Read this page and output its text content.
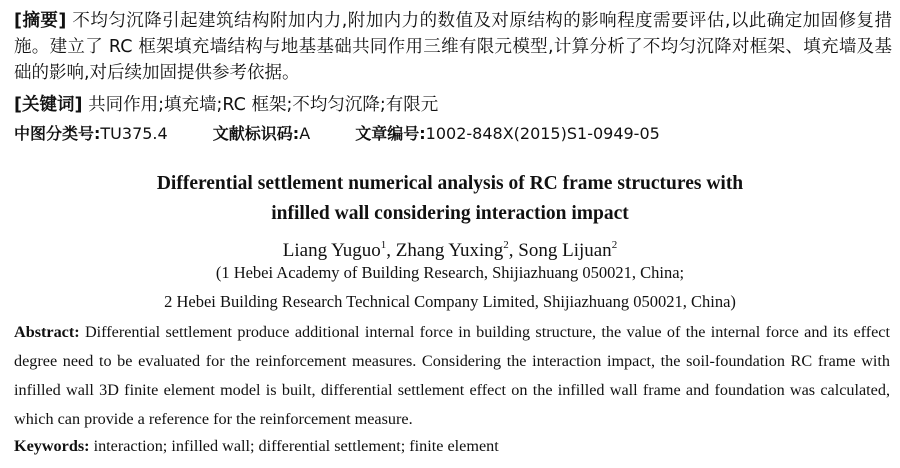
[摘要] 不均匀沉降引起建筑结构附加内力,附加内力的数值及对原结构的影响程度需要评估,以此确定加固修复措施。建立了 RC 框架填充墙结构与地基基础共同作用三维有限元模型,计算分析了不均匀沉降对框架、填充墙及基础的影响,对后续加固提供参考依据。
[关键词] 共同作用;填充墙;RC 框架;不均匀沉降;有限元
中图分类号:TU375.4	文献标识码:A	文章编号:1002-848X(2015)S1-0949-05
Differential settlement numerical analysis of RC frame structures with
infilled wall considering interaction impact
Liang Yuguo$^1$, Zhang Yuxing$^2$, Song Lijuan$^2$
(1 Hebei Academy of Building Research, Shijiazhuang 050021, China;
2 Hebei Building Research Technical Company Limited, Shijiazhuang 050021, China)
Abstract: Differential settlement produce additional internal force in building structure, the value of the internal force and its effect degree need to be evaluated for the reinforcement measures. Considering the interaction impact, the soil-foundation RC frame with infilled wall 3D finite element model is built, differential settlement effect on the infilled wall frame and foundation was calculated, which can provide a reference for the reinforcement measure.
Keywords: interaction; infilled wall; differential settlement; finite element
